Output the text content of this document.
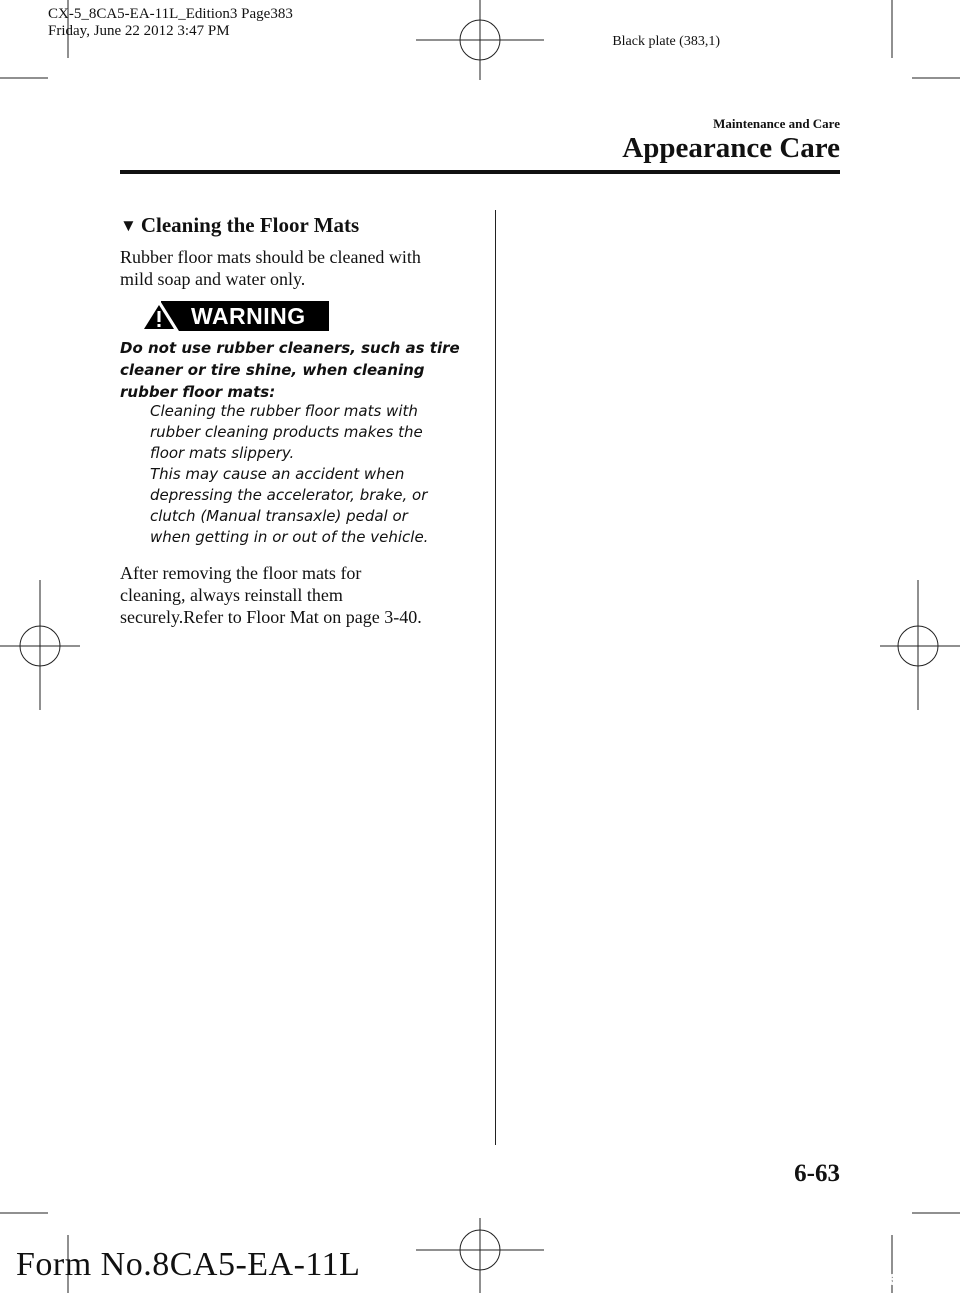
CX-5_8CA5-EA-11L_Edition3 Page383
Friday, June 22 2012 3:47 PM
Black plate (383,1)
Maintenance and Care
Appearance Care
▼ Cleaning the Floor Mats
Rubber floor mats should be cleaned with
mild soap and water only.
WARNING
Do not use rubber cleaners, such as tire
cleaner or tire shine, when cleaning
rubber floor mats:

Cleaning the rubber floor mats with

rubber cleaning products makes the

floor mats slippery.

This may cause an accident when

depressing the accelerator, brake, or

clutch (Manual transaxle) pedal or

when getting in or out of the vehicle.

After removing the floor mats for
cleaning, always reinstall them
securely.Refer to Floor Mat on page 3-40.
6-63
Form No.8CA5-EA-11L	carmanualsonline.info
